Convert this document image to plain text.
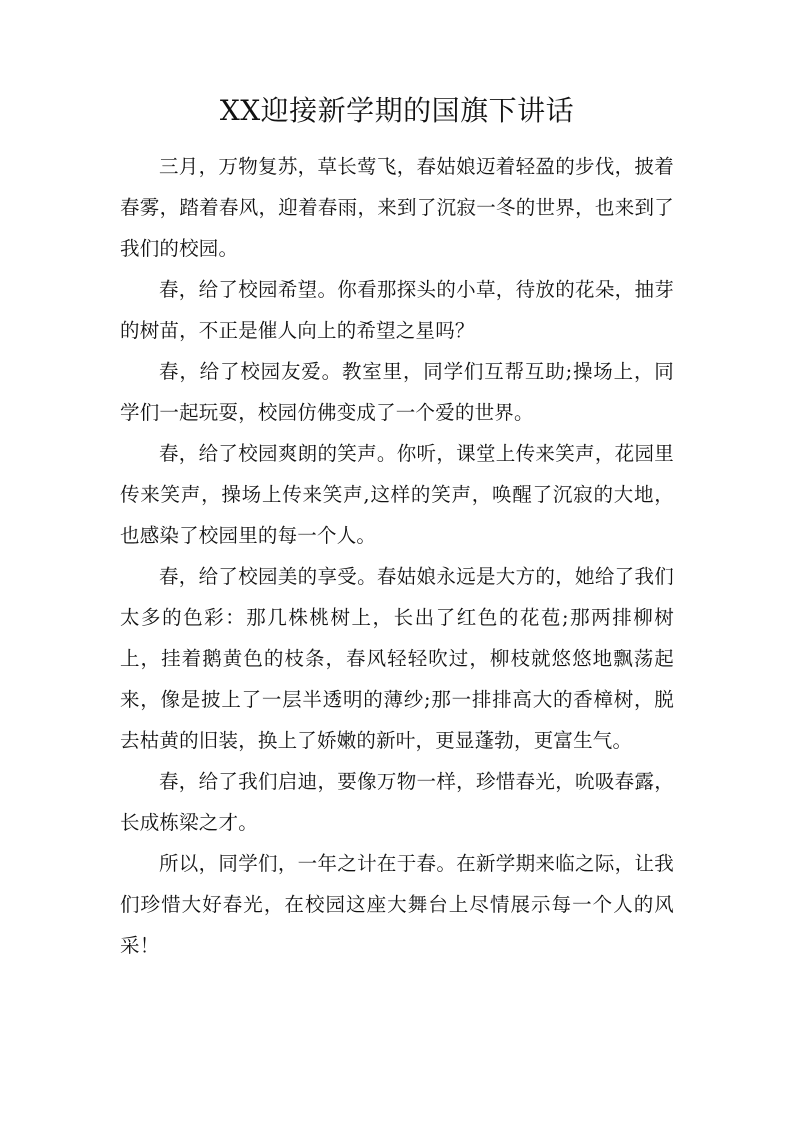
XX迎接新学期的国旗下讲话

三月，万物复苏，草长莺飞，春姑娘迈着轻盈的步伐，披着春雾，踏着春风，迎着春雨，来到了沉寂一冬的世界，也来到了我们的校园。

春，给了校园希望。你看那探头的小草，待放的花朵，抽芽的树苗，不正是催人向上的希望之星吗？

春，给了校园友爱。教室里，同学们互帮互助;操场上，同学们一起玩耍，校园仿佛变成了一个爱的世界。

春，给了校园爽朗的笑声。你听，课堂上传来笑声，花园里传来笑声，操场上传来笑声,这样的笑声，唤醒了沉寂的大地，也感染了校园里的每一个人。

春，给了校园美的享受。春姑娘永远是大方的，她给了我们太多的色彩：那几株桃树上，长出了红色的花苞;那两排柳树上，挂着鹅黄色的枝条，春风轻轻吹过，柳枝就悠悠地飘荡起来，像是披上了一层半透明的薄纱;那一排排高大的香樟树，脱去枯黄的旧装，换上了娇嫩的新叶，更显蓬勃，更富生气。

春，给了我们启迪，要像万物一样，珍惜春光，吮吸春露，长成栋梁之才。

所以，同学们，一年之计在于春。在新学期来临之际，让我们珍惜大好春光，在校园这座大舞台上尽情展示每一个人的风采！
